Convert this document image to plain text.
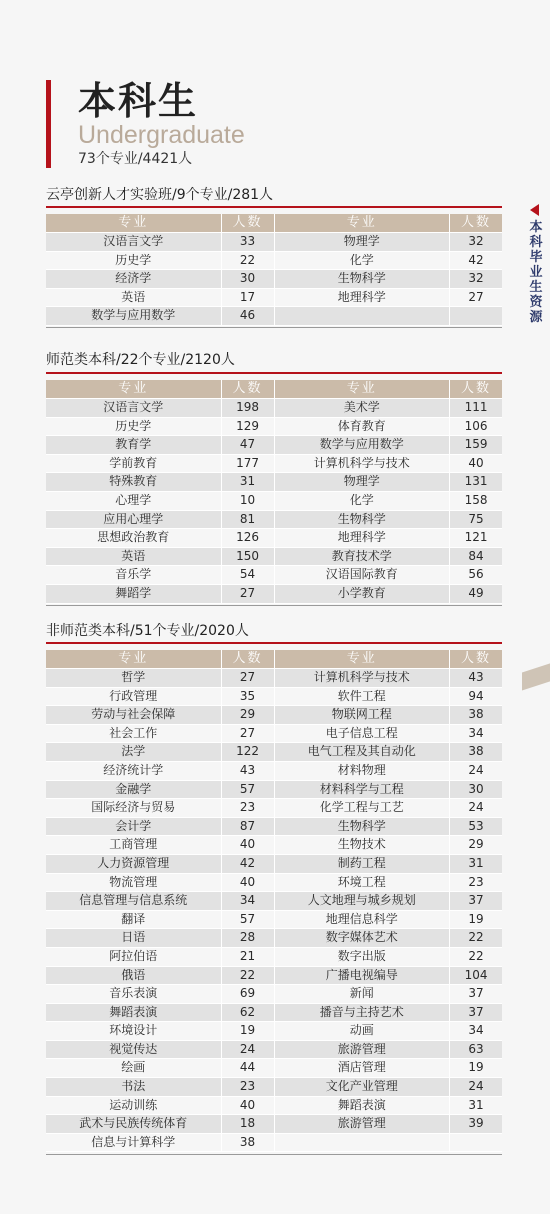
本科生
Undergraduate
73个专业/4421人
本科毕业生资源
云亭创新人才实验班/9个专业/281人
专业	人数	专业	人数
汉语言文学	33	物理学	32
历史学	22	化学	42
经济学	30	生物科学	32
英语	17	地理科学	27
数学与应用数学	46
师范类本科/22个专业/2120人
专业	人数	专业	人数
汉语言文学	198	美术学	111
历史学	129	体育教育	106
教育学	47	数学与应用数学	159
学前教育	177	计算机科学与技术	40
特殊教育	31	物理学	131
心理学	10	化学	158
应用心理学	81	生物科学	75
思想政治教育	126	地理科学	121
英语	150	教育技术学	84
音乐学	54	汉语国际教育	56
舞蹈学	27	小学教育	49
非师范类本科/51个专业/2020人
专业	人数	专业	人数
哲学	27	计算机科学与技术	43
行政管理	35	软件工程	94
劳动与社会保障	29	物联网工程	38
社会工作	27	电子信息工程	34
法学	122	电气工程及其自动化	38
经济统计学	43	材料物理	24
金融学	57	材料科学与工程	30
国际经济与贸易	23	化学工程与工艺	24
会计学	87	生物科学	53
工商管理	40	生物技术	29
人力资源管理	42	制药工程	31
物流管理	40	环境工程	23
信息管理与信息系统	34	人文地理与城乡规划	37
翻译	57	地理信息科学	19
日语	28	数字媒体艺术	22
阿拉伯语	21	数字出版	22
俄语	22	广播电视编导	104
音乐表演	69	新闻	37
舞蹈表演	62	播音与主持艺术	37
环境设计	19	动画	34
视觉传达	24	旅游管理	63
绘画	44	酒店管理	19
书法	23	文化产业管理	24
运动训练	40	舞蹈表演	31
武术与民族传统体育	18	旅游管理	39
信息与计算科学	38
